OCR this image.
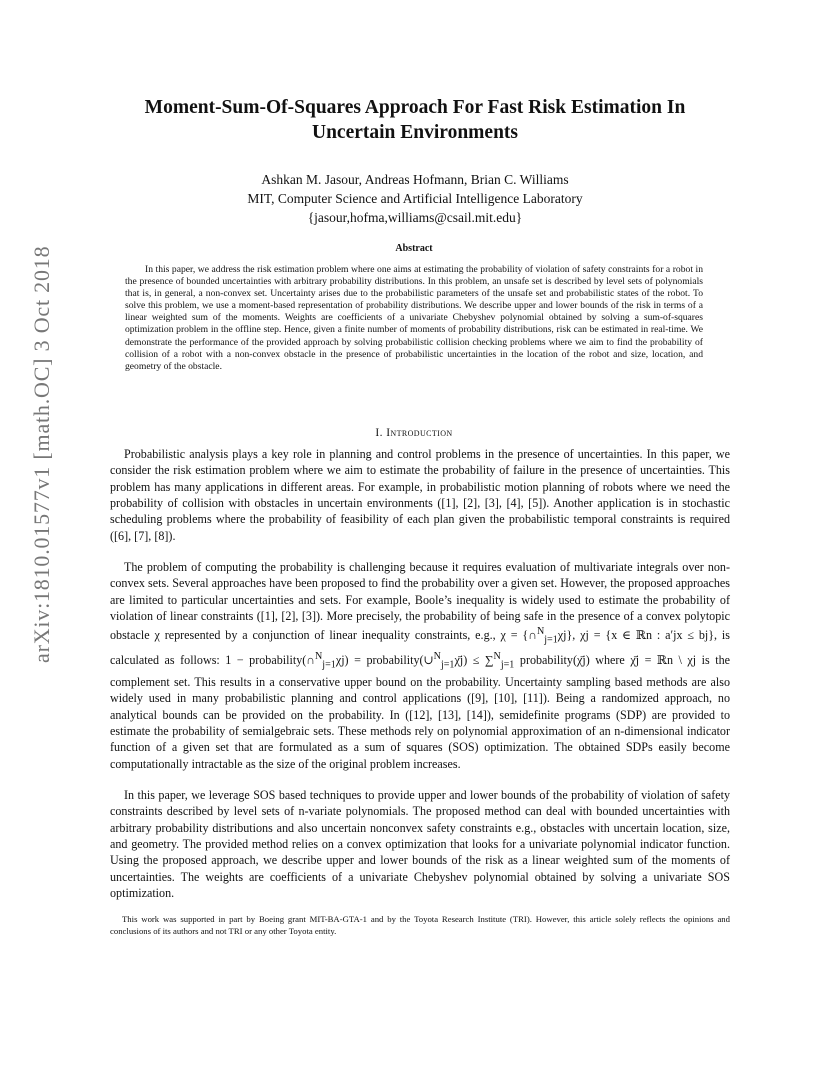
arXiv:1810.01577v1 [math.OC] 3 Oct 2018
Moment-Sum-Of-Squares Approach For Fast Risk Estimation In
Uncertain Environments
Ashkan M. Jasour, Andreas Hofmann, Brian C. Williams
MIT, Computer Science and Artificial Intelligence Laboratory
{jasour,hofma,williams@csail.mit.edu}
Abstract
In this paper, we address the risk estimation problem where one aims at estimating the probability of violation of safety constraints for a robot in the presence of bounded uncertainties with arbitrary probability distributions. In this problem, an unsafe set is described by level sets of polynomials that is, in general, a non-convex set. Uncertainty arises due to the probabilistic parameters of the unsafe set and probabilistic states of the robot. To solve this problem, we use a moment-based representation of probability distributions. We describe upper and lower bounds of the risk in terms of a linear weighted sum of the moments. Weights are coefficients of a univariate Chebyshev polynomial obtained by solving a sum-of-squares optimization problem in the offline step. Hence, given a finite number of moments of probability distributions, risk can be estimated in real-time. We demonstrate the performance of the provided approach by solving probabilistic collision checking problems where we aim to find the probability of collision of a robot with a non-convex obstacle in the presence of probabilistic uncertainties in the location of the robot and size, location, and geometry of the obstacle.
I. Introduction

Probabilistic analysis plays a key role in planning and control problems in the presence of uncertainties. In this paper, we consider the risk estimation problem where we aim to estimate the probability of failure in the presence of uncertainties. This problem has many applications in different areas. For example, in probabilistic motion planning of robots where we need the probability of collision with obstacles in uncertain environments ([1], [2], [3], [4], [5]). Another application is in stochastic scheduling problems where the probability of feasibility of each plan given the probabilistic temporal constraints is required ([6], [7], [8]).

The problem of computing the probability is challenging because it requires evaluation of multivariate integrals over non-convex sets. Several approaches have been proposed to find the probability over a given set. However, the proposed approaches are limited to particular uncertainties and sets. For example, Boole’s inequality is widely used to estimate the probability of violation of linear constraints ([1], [2], [3]). More precisely, the probability of being safe in the presence of a convex polytopic obstacle χ represented by a conjunction of linear inequality constraints, e.g., χ = {∩$^N_{j=1}$χj}, χj = {x ∈ ℝn : a′jx ≤ bj}, is calculated as follows: 1 − probability(∩$^N_{j=1}$χj) = probability(∪$^N_{j=1}$χ̄j) ≤ ∑$^N_{j=1}$ probability(χ̄j) where χ̄j = ℝn \ χj is the complement set. This results in a conservative upper bound on the probability. Uncertainty sampling based methods are also widely used in many probabilistic planning and control applications ([9], [10], [11]). Being a randomized approach, no analytical bounds can be provided on the probability. In ([12], [13], [14]), semidefinite programs (SDP) are provided to estimate the probability of semialgebraic sets. These methods rely on polynomial approximation of an n-dimensional indicator function of a given set that are formulated as a sum of squares (SOS) optimization. The obtained SDPs easily become computationally intractable as the size of the original problem increases.

In this paper, we leverage SOS based techniques to provide upper and lower bounds of the probability of violation of safety constraints described by level sets of n-variate polynomials. The proposed method can deal with bounded uncertainties with arbitrary probability distributions and also uncertain nonconvex safety constraints e.g., obstacles with uncertain location, size, and geometry. The provided method relies on a convex optimization that looks for a univariate polynomial indicator function. Using the proposed approach, we describe upper and lower bounds of the risk as a linear weighted sum of the moments of uncertainties. The weights are coefficients of a univariate Chebyshev polynomial obtained by solving a univariate SOS optimization.

This work was supported in part by Boeing grant MIT-BA-GTA-1 and by the Toyota Research Institute (TRI). However, this article solely reflects the opinions and conclusions of its authors and not TRI or any other Toyota entity.
